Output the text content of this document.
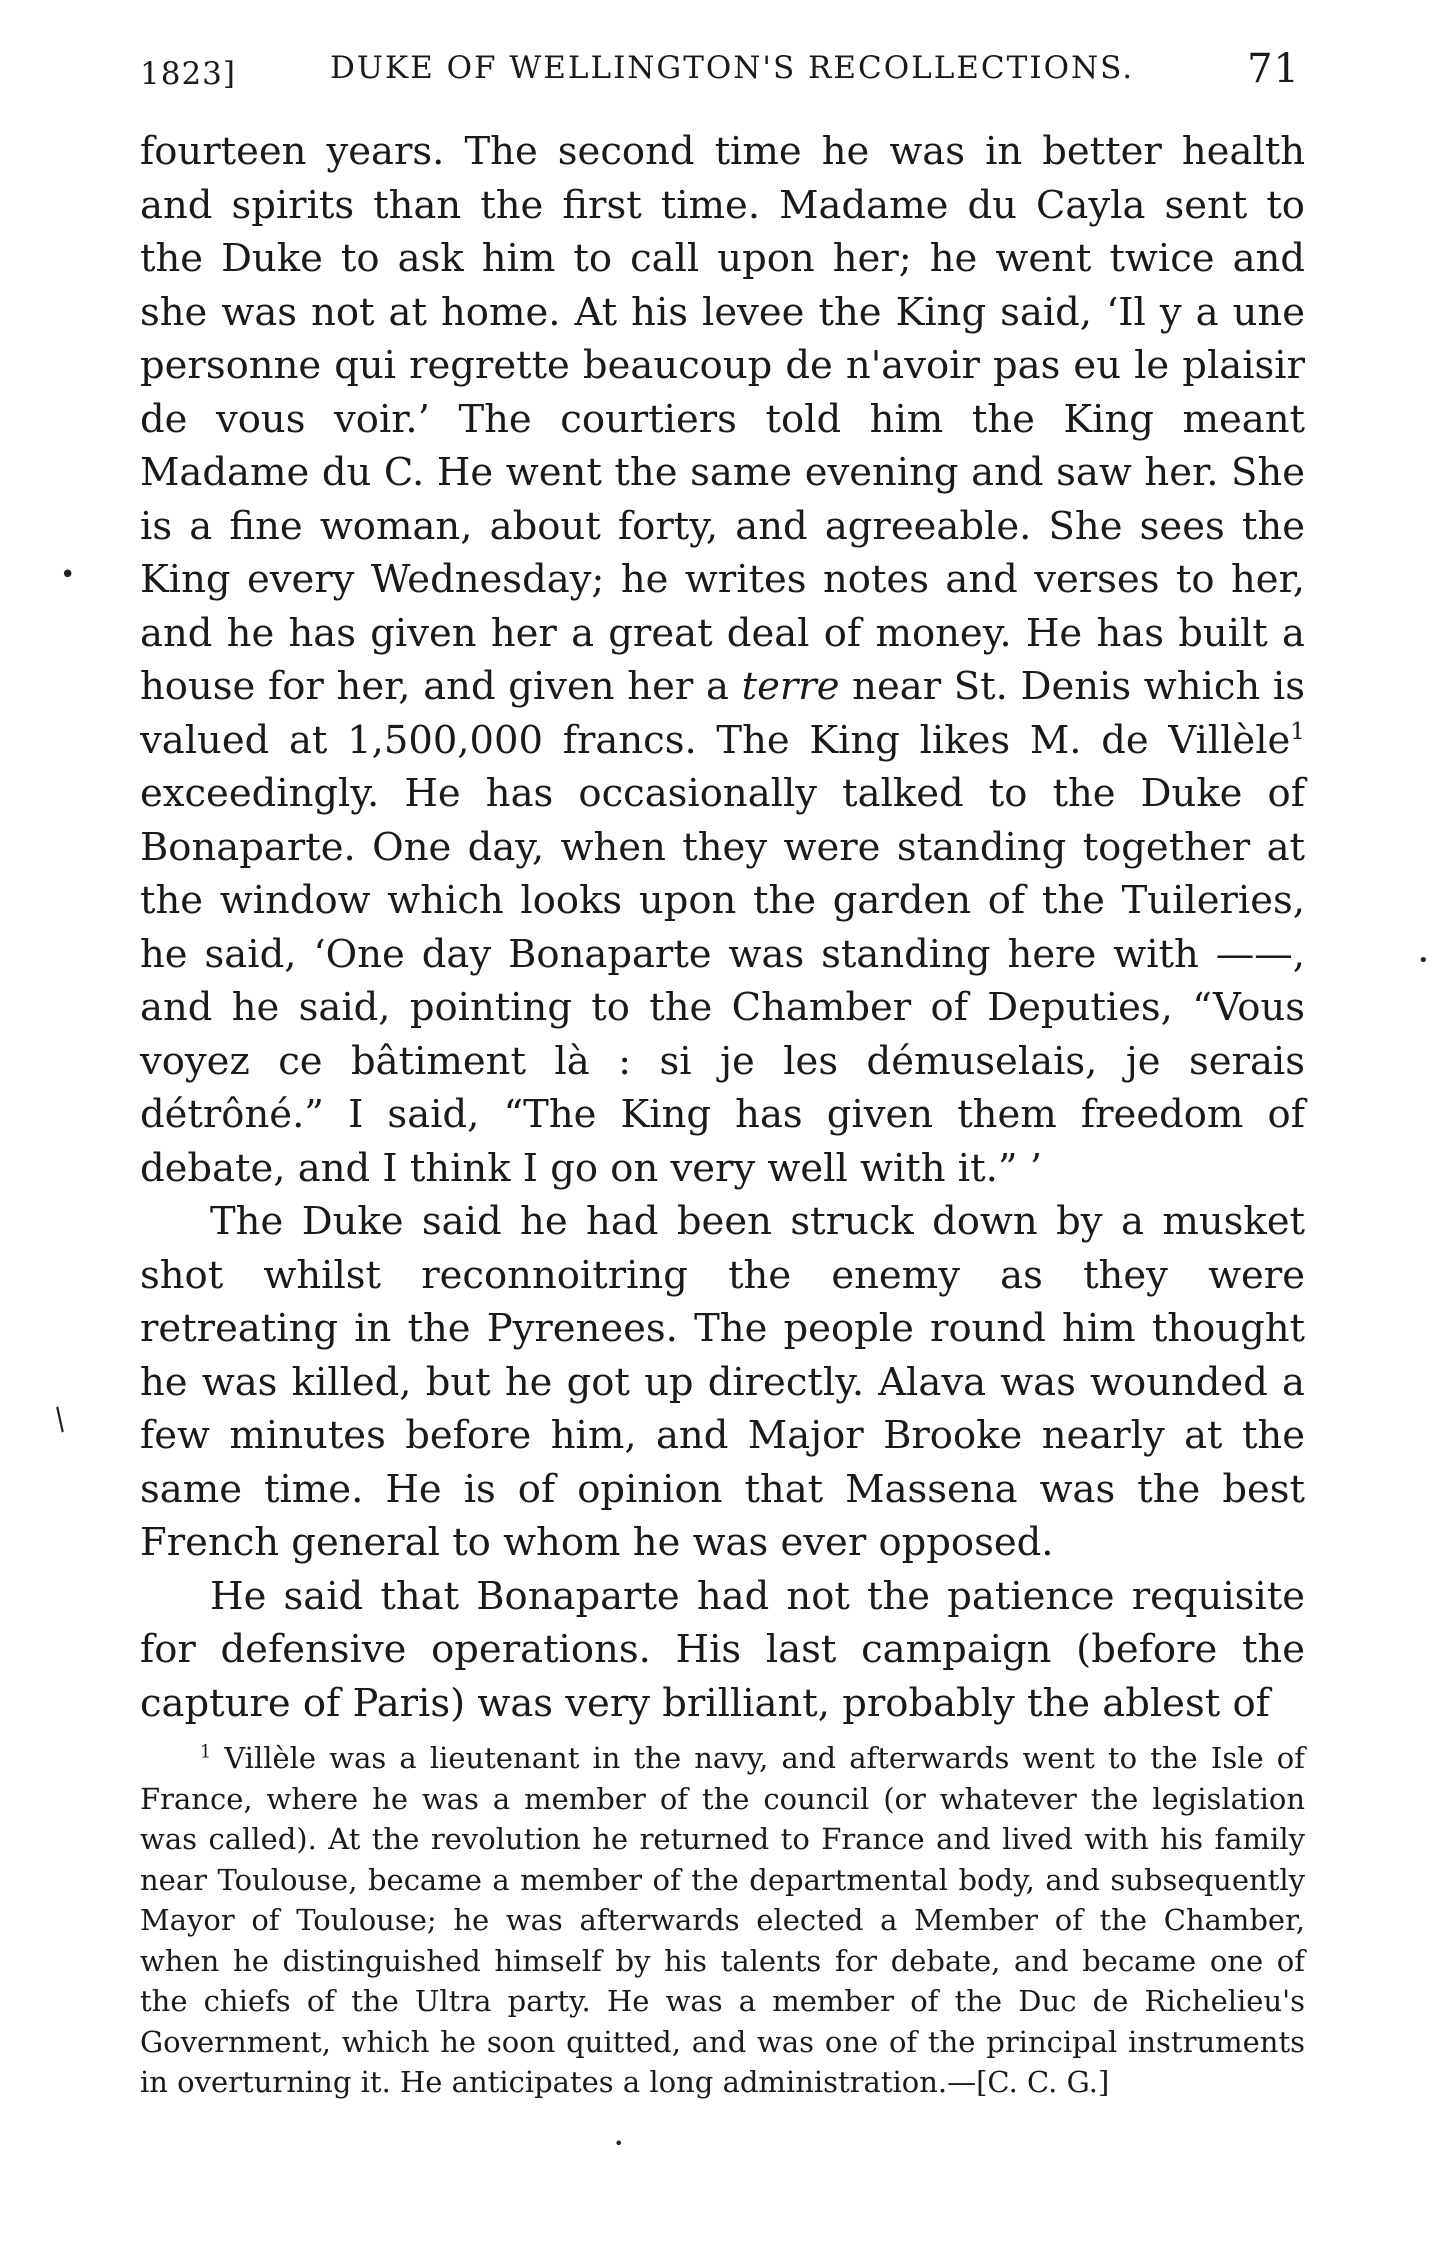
1823]	DUKE OF WELLINGTON'S RECOLLECTIONS.	71

fourteen years. The second time he was in better health and spirits than the first time. Madame du Cayla sent to the Duke to ask him to call upon her; he went twice and she was not at home. At his levee the King said, ‘Il y a une personne qui regrette beaucoup de n'avoir pas eu le plaisir de vous voir.’ The courtiers told him the King meant Madame du C. He went the same evening and saw her. She is a fine woman, about forty, and agreeable. She sees the King every Wednesday; he writes notes and verses to her, and he has given her a great deal of money. He has built a house for her, and given her a terre near St. Denis which is valued at 1,500,000 francs. The King likes M. de Villèle$^1$ exceedingly. He has occasionally talked to the Duke of Bonaparte. One day, when they were standing together at the window which looks upon the garden of the Tuileries, he said, ‘One day Bonaparte was standing here with ——, and he said, pointing to the Chamber of Deputies, “Vous voyez ce bâtiment là : si je les démuselais, je serais détrôné.” I said, “The King has given them freedom of debate, and I think I go on very well with it.” ’

The Duke said he had been struck down by a musket shot whilst reconnoitring the enemy as they were retreating in the Pyrenees. The people round him thought he was killed, but he got up directly. Alava was wounded a few minutes before him, and Major Brooke nearly at the same time. He is of opinion that Massena was the best French general to whom he was ever opposed.

He said that Bonaparte had not the patience requisite for defensive operations. His last campaign (before the capture of Paris) was very brilliant, probably the ablest of

$^1$ Villèle was a lieutenant in the navy, and afterwards went to the Isle of France, where he was a member of the council (or whatever the legislation was called). At the revolution he returned to France and lived with his family near Toulouse, became a member of the departmental body, and subsequently Mayor of Toulouse; he was afterwards elected a Member of the Chamber, when he distinguished himself by his talents for debate, and became one of the chiefs of the Ultra party. He was a member of the Duc de Richelieu's Government, which he soon quitted, and was one of the principal instruments in overturning it. He anticipates a long administration.—[C. C. G.]

•
•
/
•
